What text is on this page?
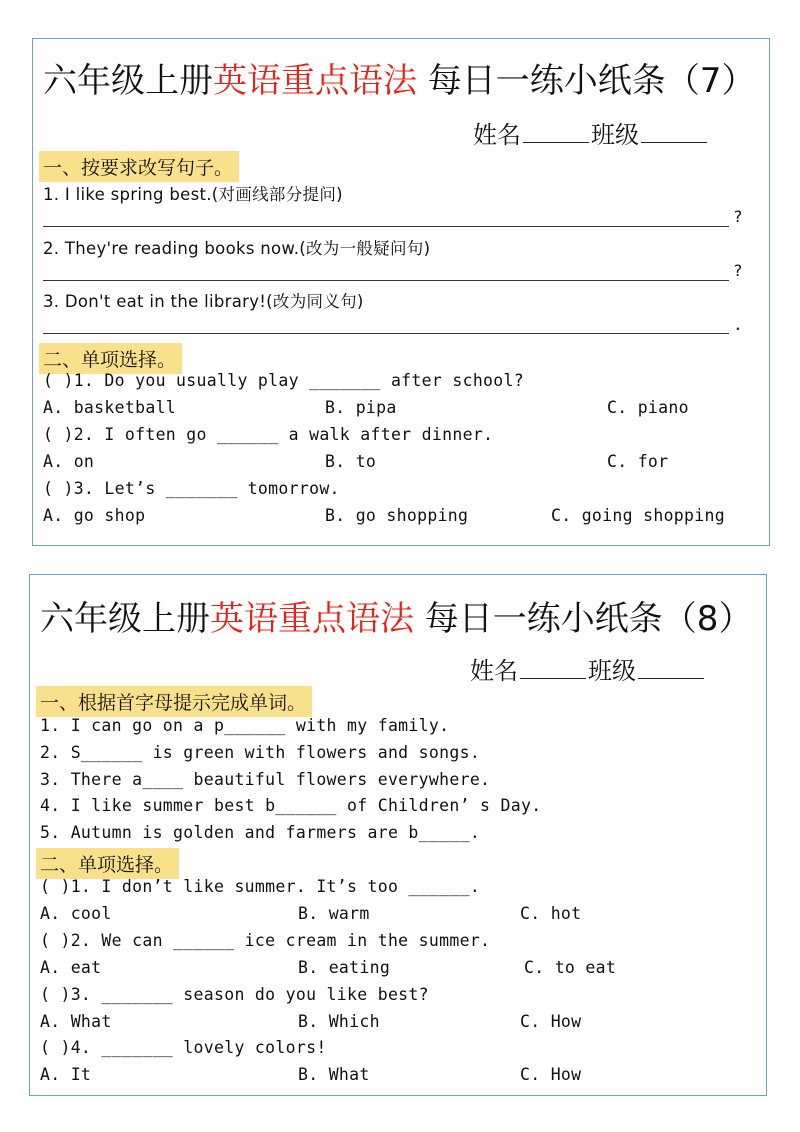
六年级上册英语重点语法 每日一练小纸条（7）
姓名	班级
一、按要求改写句子。
1. I like spring best.(对画线部分提问)
?
2. They're reading books now.(改为一般疑问句)
?
3. Don't eat in the library!(改为同义句)
.
二、单项选择。
( )1. Do you usually play _______ after school?
A. basketball	B. pipa	C. piano
( )2. I often go ______ a walk after dinner.
A. on	B. to	C. for
( )3. Let’s _______ tomorrow.
A. go shop	B. go shopping	C. going shopping
六年级上册英语重点语法 每日一练小纸条（8）
姓名	班级
一、根据首字母提示完成单词。
1. I can go on a p______ with my family.
2. S______ is green with flowers and songs.
3. There a____ beautiful flowers everywhere.
4. I like summer best b______ of Children’ s Day.
5. Autumn is golden and farmers are b_____.
二、单项选择。
( )1. I don’t like summer. It’s too ______.
A. cool	B. warm	C. hot
( )2. We can ______ ice cream in the summer.
A. eat	B. eating	C. to eat
( )3. _______ season do you like best?
A. What	B. Which	C. How
( )4. _______ lovely colors!
A. It	B. What	C. How
